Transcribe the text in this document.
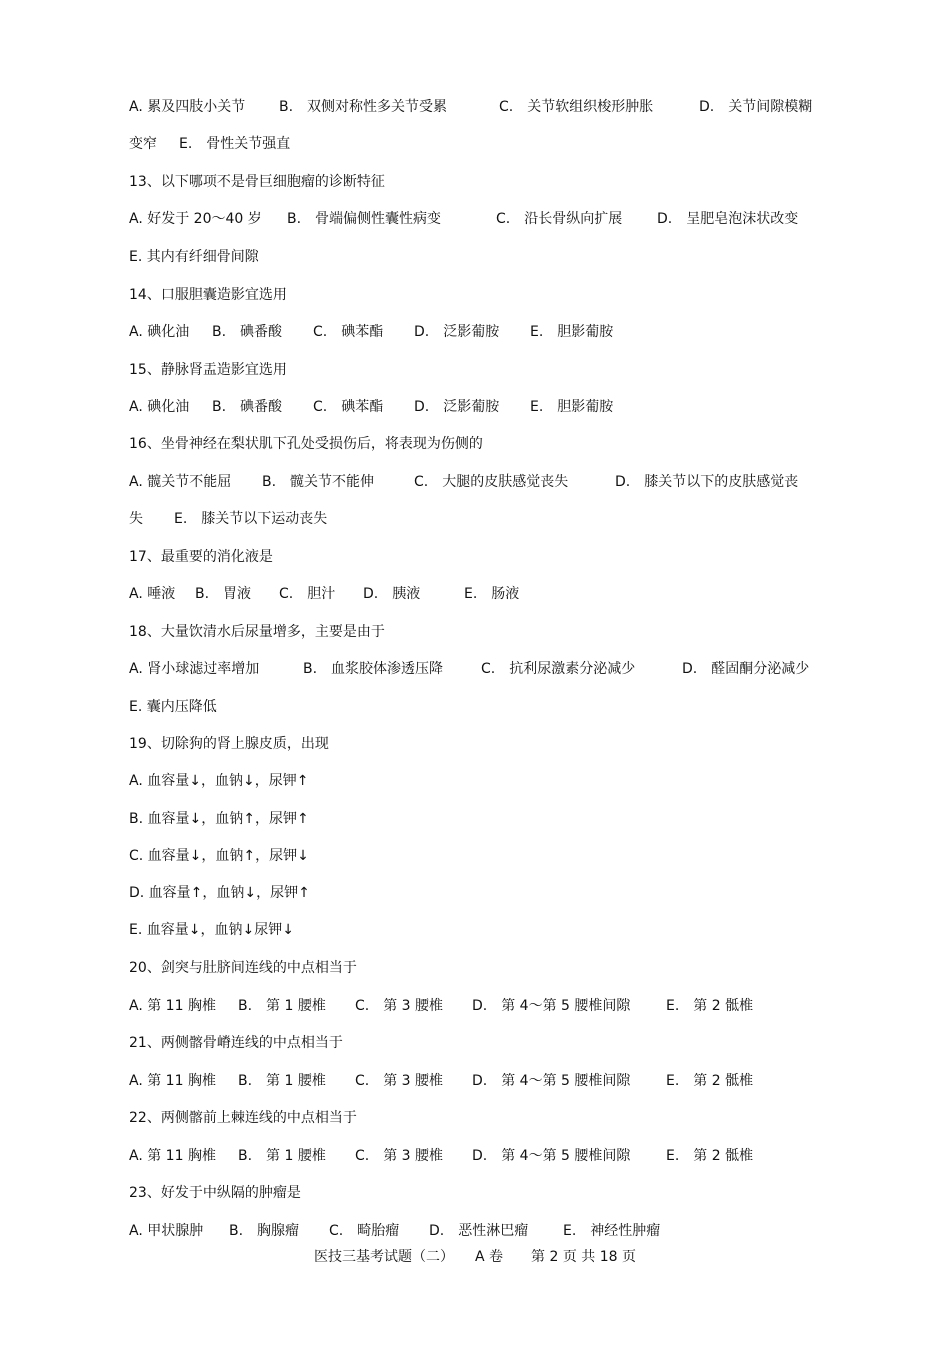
A. 累及四肢小关节 B.　双侧对称性多关节受累	C.　关节软组织梭形肿胀	D.　关节间隙模糊
变窄 E.　骨性关节强直
13、以下哪项不是骨巨细胞瘤的诊断特征
A. 好发于 20～40 岁 B.　骨端偏侧性囊性病变	C.　沿长骨纵向扩展 D.　呈肥皂泡沫状改变
E. 其内有纤细骨间隙
14、口服胆囊造影宜选用
A. 碘化油 B.　碘番酸 C.　碘苯酯 D.　泛影葡胺 E.　胆影葡胺
15、静脉肾盂造影宜选用
A. 碘化油 B.　碘番酸 C.　碘苯酯 D.　泛影葡胺 E.　胆影葡胺
16、坐骨神经在梨状肌下孔处受损伤后，将表现为伤侧的
A. 髋关节不能屈 B.　髋关节不能伸	C.　大腿的皮肤感觉丧失	D.　膝关节以下的皮肤感觉丧
失 E.　膝关节以下运动丧失
17、最重要的消化液是
A. 唾液 B.　胃液 C.　胆汁 D.　胰液	E.　肠液
18、大量饮清水后尿量增多，主要是由于
A. 肾小球滤过率增加	B.　血浆胶体渗透压降	C.　抗利尿激素分泌减少	D.　醛固酮分泌减少
E. 囊内压降低
19、切除狗的肾上腺皮质，出现
A. 血容量↓，血钠↓，尿钾↑
B. 血容量↓，血钠↑，尿钾↑
C. 血容量↓，血钠↑，尿钾↓
D. 血容量↑，血钠↓，尿钾↑
E. 血容量↓，血钠↓尿钾↓
20、剑突与肚脐间连线的中点相当于
A. 第 11 胸椎 B.　第 1 腰椎 C.　第 3 腰椎 D.　第 4～第 5 腰椎间隙	E.　第 2 骶椎
21、两侧髂骨嵴连线的中点相当于
A. 第 11 胸椎 B.　第 1 腰椎 C.　第 3 腰椎 D.　第 4～第 5 腰椎间隙	E.　第 2 骶椎
22、两侧髂前上棘连线的中点相当于
A. 第 11 胸椎 B.　第 1 腰椎 C.　第 3 腰椎 D.　第 4～第 5 腰椎间隙	E.　第 2 骶椎
23、好发于中纵隔的肿瘤是
A. 甲状腺肿 B.　胸腺瘤 C.　畸胎瘤 D.　恶性淋巴瘤 E.　神经性肿瘤
医技三基考试题（二）　　A 卷　　第 2 页 共 18 页
